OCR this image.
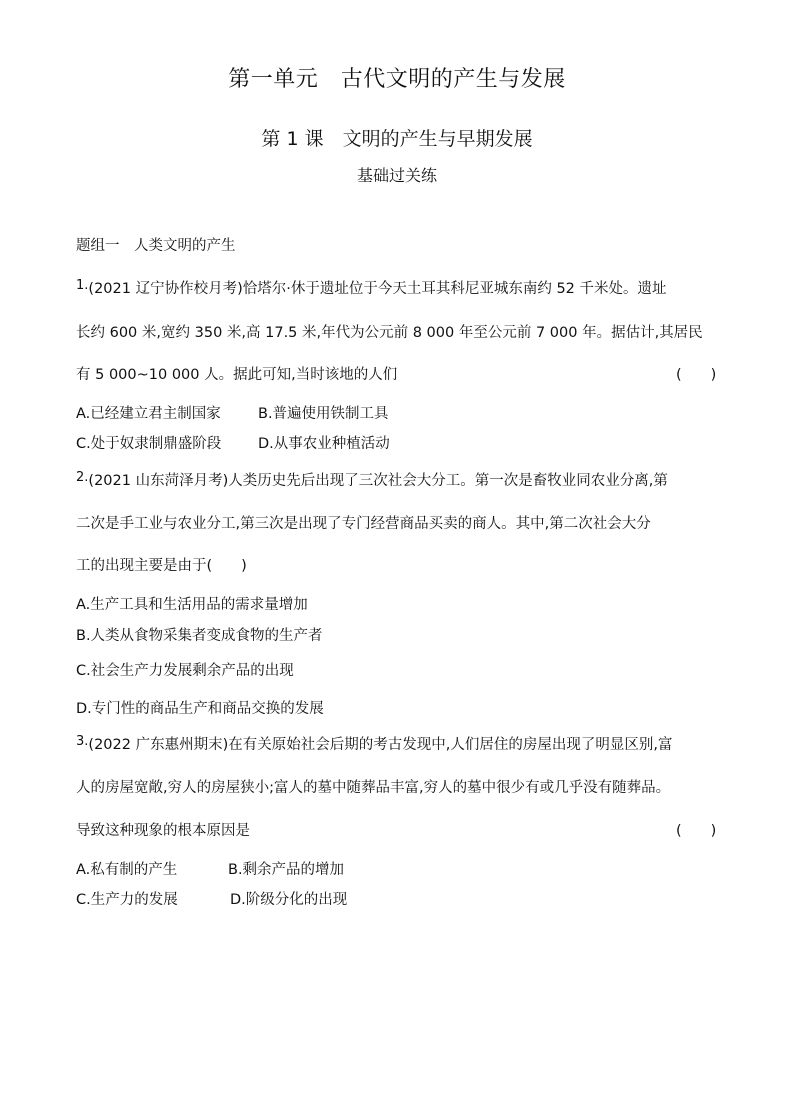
第一单元　古代文明的产生与发展
第 1 课　文明的产生与早期发展
基础过关练
题组一　人类文明的产生
1.(2021 辽宁协作校月考)恰塔尔·休于遗址位于今天土耳其科尼亚城东南约 52 千米处。遗址
长约 600 米,宽约 350 米,高 17.5 米,年代为公元前 8 000 年至公元前 7 000 年。据估计,其居民
有 5 000~10 000 人。据此可知,当时该地的人们	(　　)
A.已经建立君主制国家	B.普遍使用铁制工具
C.处于奴隶制鼎盛阶段	D.从事农业种植活动
2.(2021 山东菏泽月考)人类历史先后出现了三次社会大分工。第一次是畜牧业同农业分离,第
二次是手工业与农业分工,第三次是出现了专门经营商品买卖的商人。其中,第二次社会大分
工的出现主要是由于(　　)
A.生产工具和生活用品的需求量增加
B.人类从食物采集者变成食物的生产者
C.社会生产力发展剩余产品的出现
D.专门性的商品生产和商品交换的发展
3.(2022 广东惠州期末)在有关原始社会后期的考古发现中,人们居住的房屋出现了明显区别,富
人的房屋宽敞,穷人的房屋狭小;富人的墓中随葬品丰富,穷人的墓中很少有或几乎没有随葬品。
导致这种现象的根本原因是	(　　)
A.私有制的产生	B.剩余产品的增加
C.生产力的发展	D.阶级分化的出现
